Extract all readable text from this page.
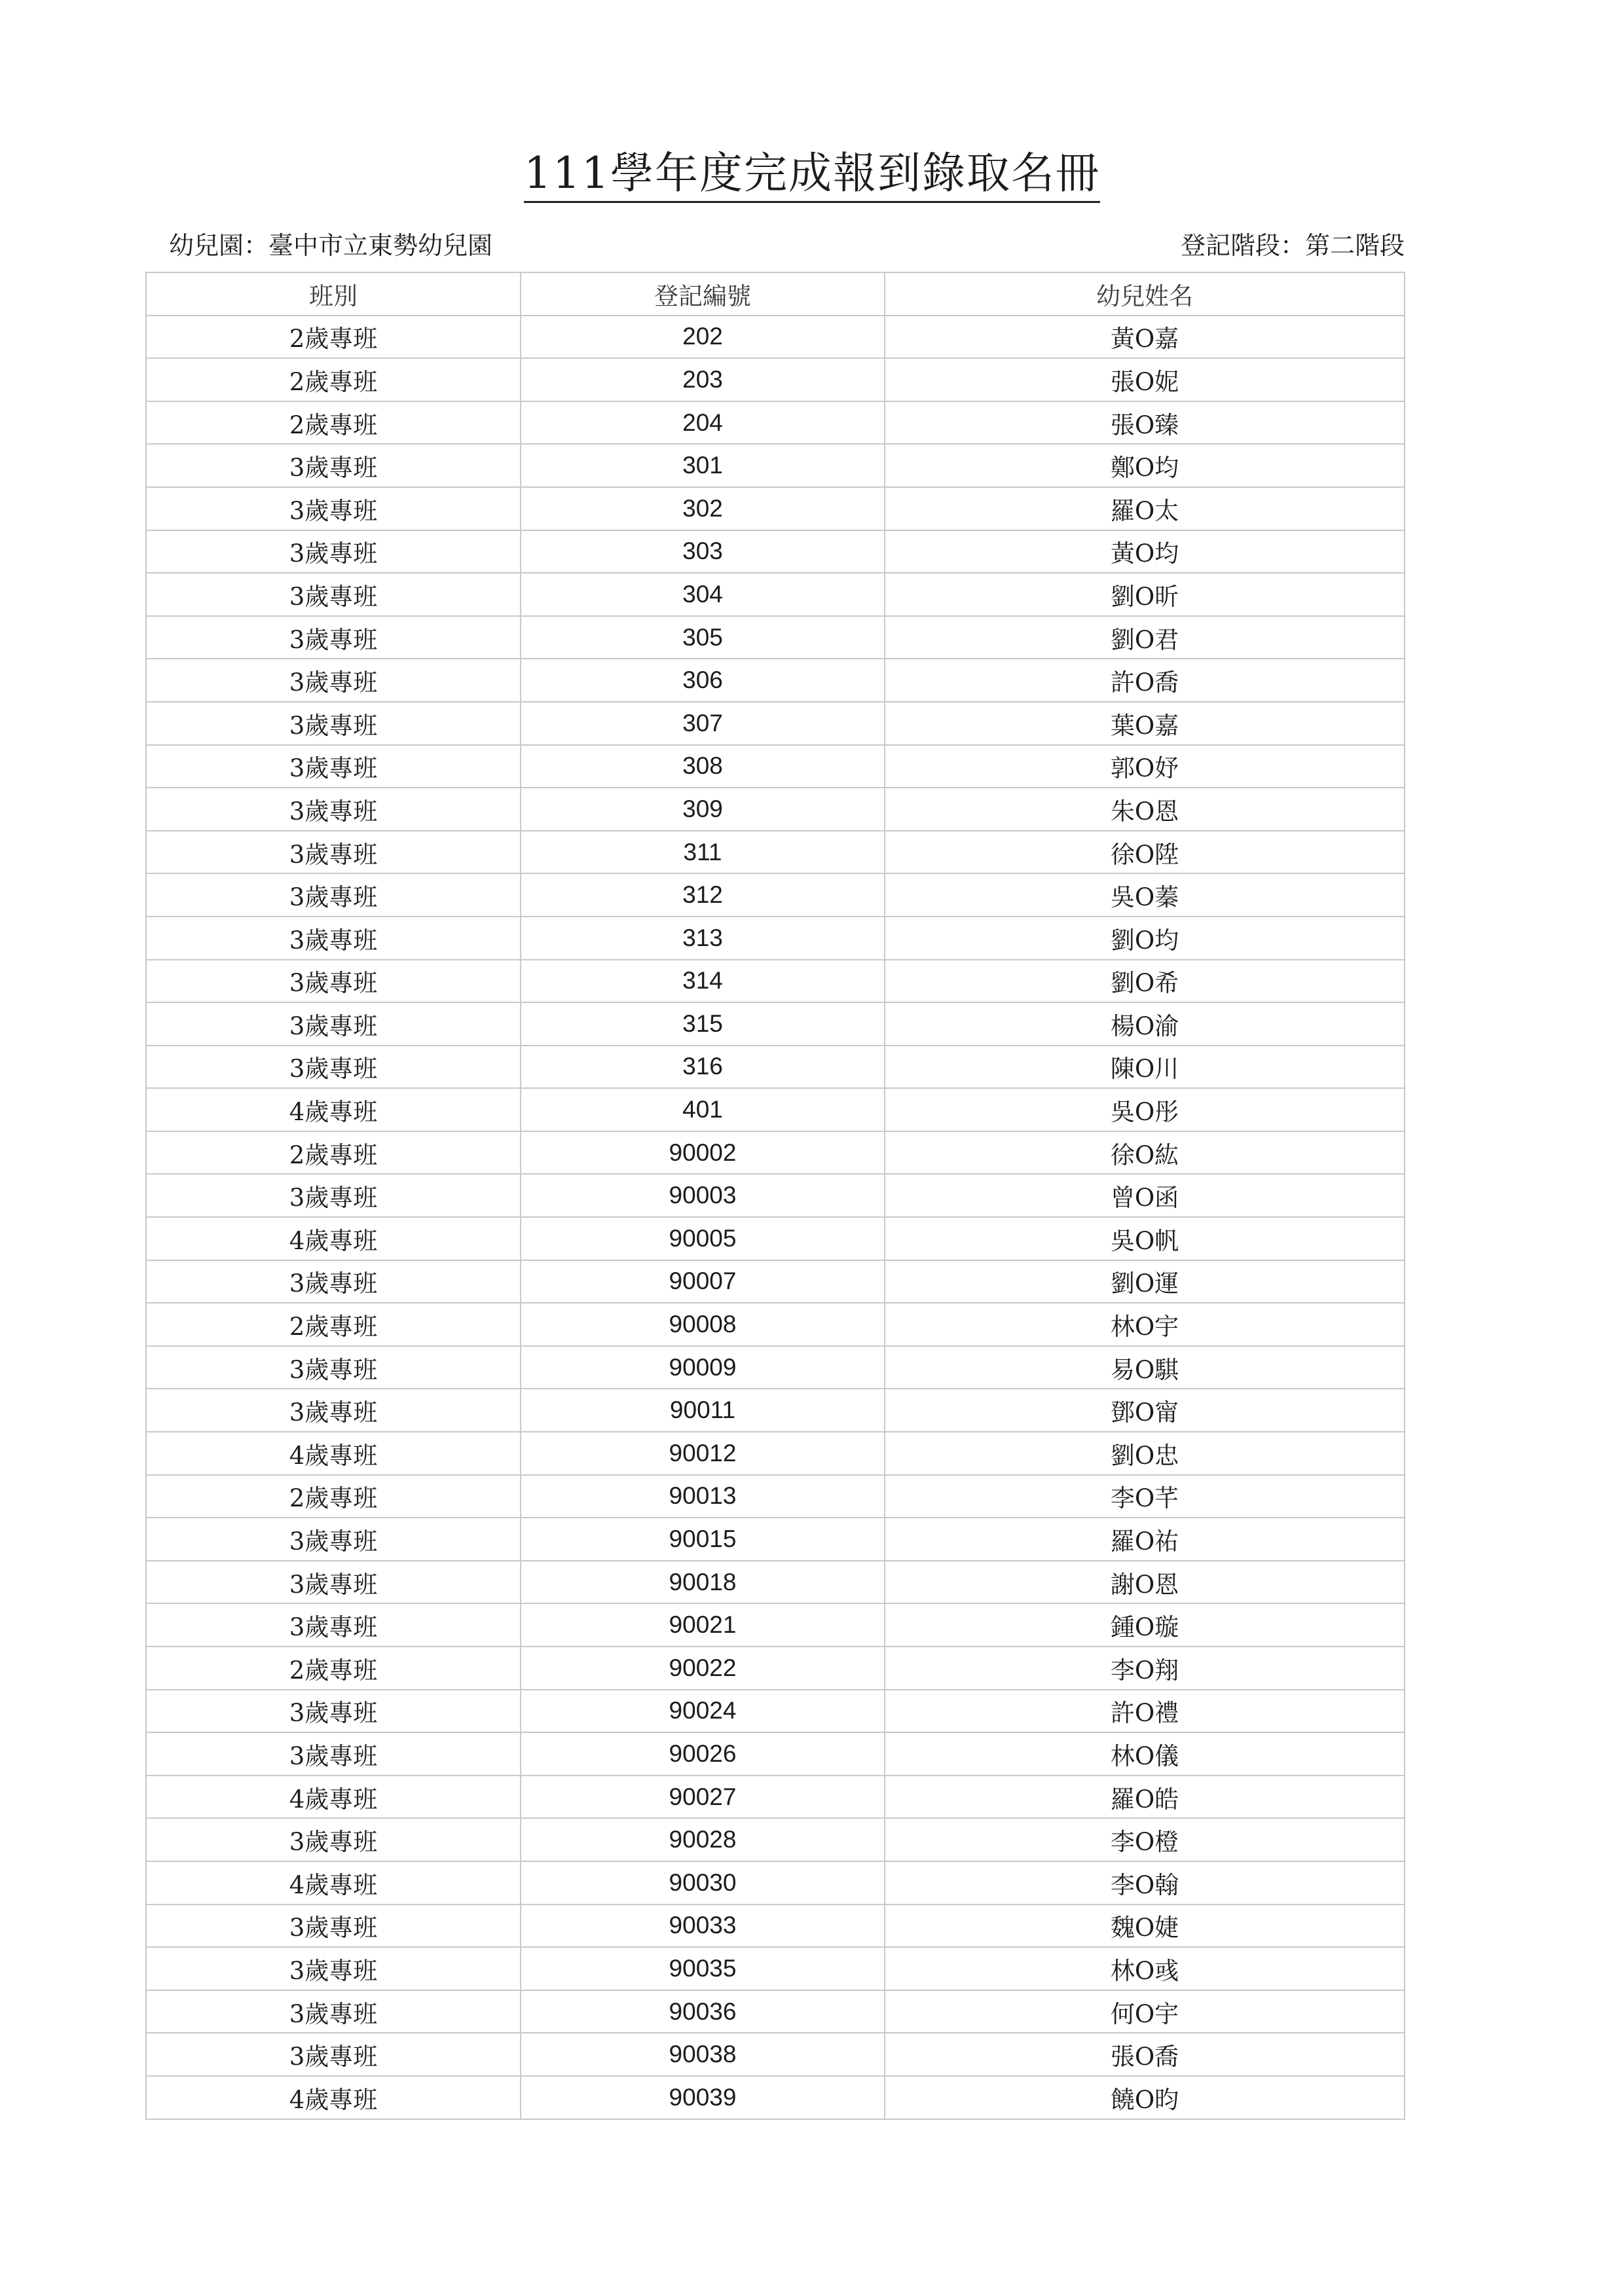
111學年度完成報到錄取名冊
幼兒園：臺中市立東勢幼兒園	登記階段：第二階段
班別	登記編號	幼兒姓名
2歲專班	202	黃O嘉
2歲專班	203	張O妮
2歲專班	204	張O臻
3歲專班	301	鄭O均
3歲專班	302	羅O太
3歲專班	303	黃O均
3歲專班	304	劉O昕
3歲專班	305	劉O君
3歲專班	306	許O喬
3歲專班	307	葉O嘉
3歲專班	308	郭O妤
3歲專班	309	朱O恩
3歲專班	311	徐O陞
3歲專班	312	吳O蓁
3歲專班	313	劉O均
3歲專班	314	劉O希
3歲專班	315	楊O渝
3歲專班	316	陳O川
4歲專班	401	吳O彤
2歲專班	90002	徐O紘
3歲專班	90003	曾O函
4歲專班	90005	吳O帆
3歲專班	90007	劉O運
2歲專班	90008	林O宇
3歲專班	90009	易O騏
3歲專班	90011	鄧O甯
4歲專班	90012	劉O忠
2歲專班	90013	李O芊
3歲專班	90015	羅O祐
3歲專班	90018	謝O恩
3歲專班	90021	鍾O璇
2歲專班	90022	李O翔
3歲專班	90024	許O禮
3歲專班	90026	林O儀
4歲專班	90027	羅O皓
3歲專班	90028	李O橙
4歲專班	90030	李O翰
3歲專班	90033	魏O婕
3歲專班	90035	林O彧
3歲專班	90036	何O宇
3歲專班	90038	張O喬
4歲專班	90039	饒O昀
